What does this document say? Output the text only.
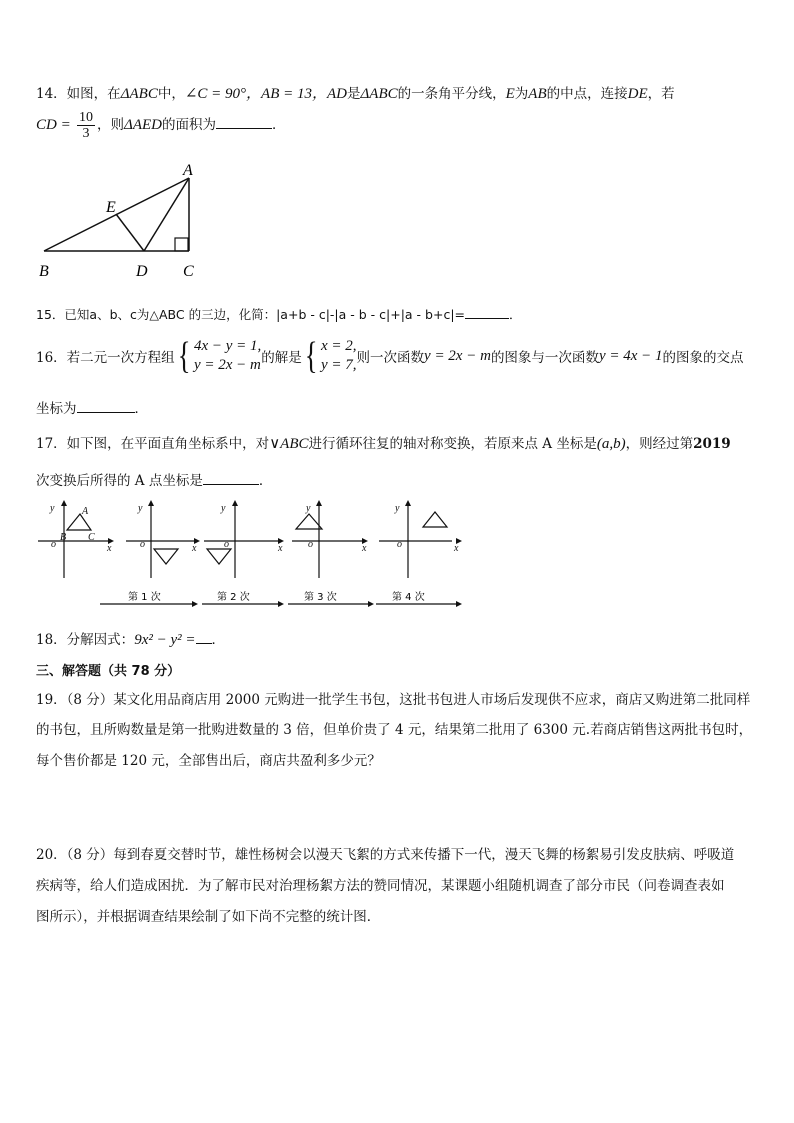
14．如图，在ΔABC中，∠C = 90°，AB = 13，AD是ΔABC的一条角平分线，E为AB的中点，连接DE，若
CD = $\frac{10}{3}$ ，则ΔAED的面积为	．
A
B	C
D
E
15．已知a、b、c为△ABC 的三边，化简：|a+b - c|-|a - b - c|+|a - b+c|=	．
16．若二元一次方程组 { 4x − y = 1,
y = 2x − m 的解是 { x = 2,
y = 7, 则一次函数 y = 2x − m 的图象与一次函数 y = 4x − 1 的图象的交点
坐标为	．
17．如下图，在平面直角坐标系中，对∨ABC进行循环往复的轴对称变换，若原来点 A 坐标是(a,b)，则经过第2019
次变换后所得的 A 点坐标是	．
y
o
B
A
C
x
y
o	x
y
o	x
y
o	x
y
o	x
第 1 次	第 2 次	第 3 次	第 4 次
18．分解因式：9x² − y² = ．
三、解答题（共 78 分）
19．（8 分）某文化用品商店用 2000 元购进一批学生书包，这批书包进人市场后发现供不应求，商店又购进第二批同样
的书包，且所购数量是第一批购进数量的 3 倍，但单价贵了 4 元，结果第二批用了 6300 元.若商店销售这两批书包时，
每个售价都是 120 元，全部售出后，商店共盈利多少元？
20．（8 分）每到春夏交替时节，雄性杨树会以漫天飞絮的方式来传播下一代，漫天飞舞的杨絮易引发皮肤病、呼吸道
疾病等，给人们造成困扰．为了解市民对治理杨絮方法的赞同情况，某课题小组随机调查了部分市民（问卷调查表如
图所示），并根据调查结果绘制了如下尚不完整的统计图．
